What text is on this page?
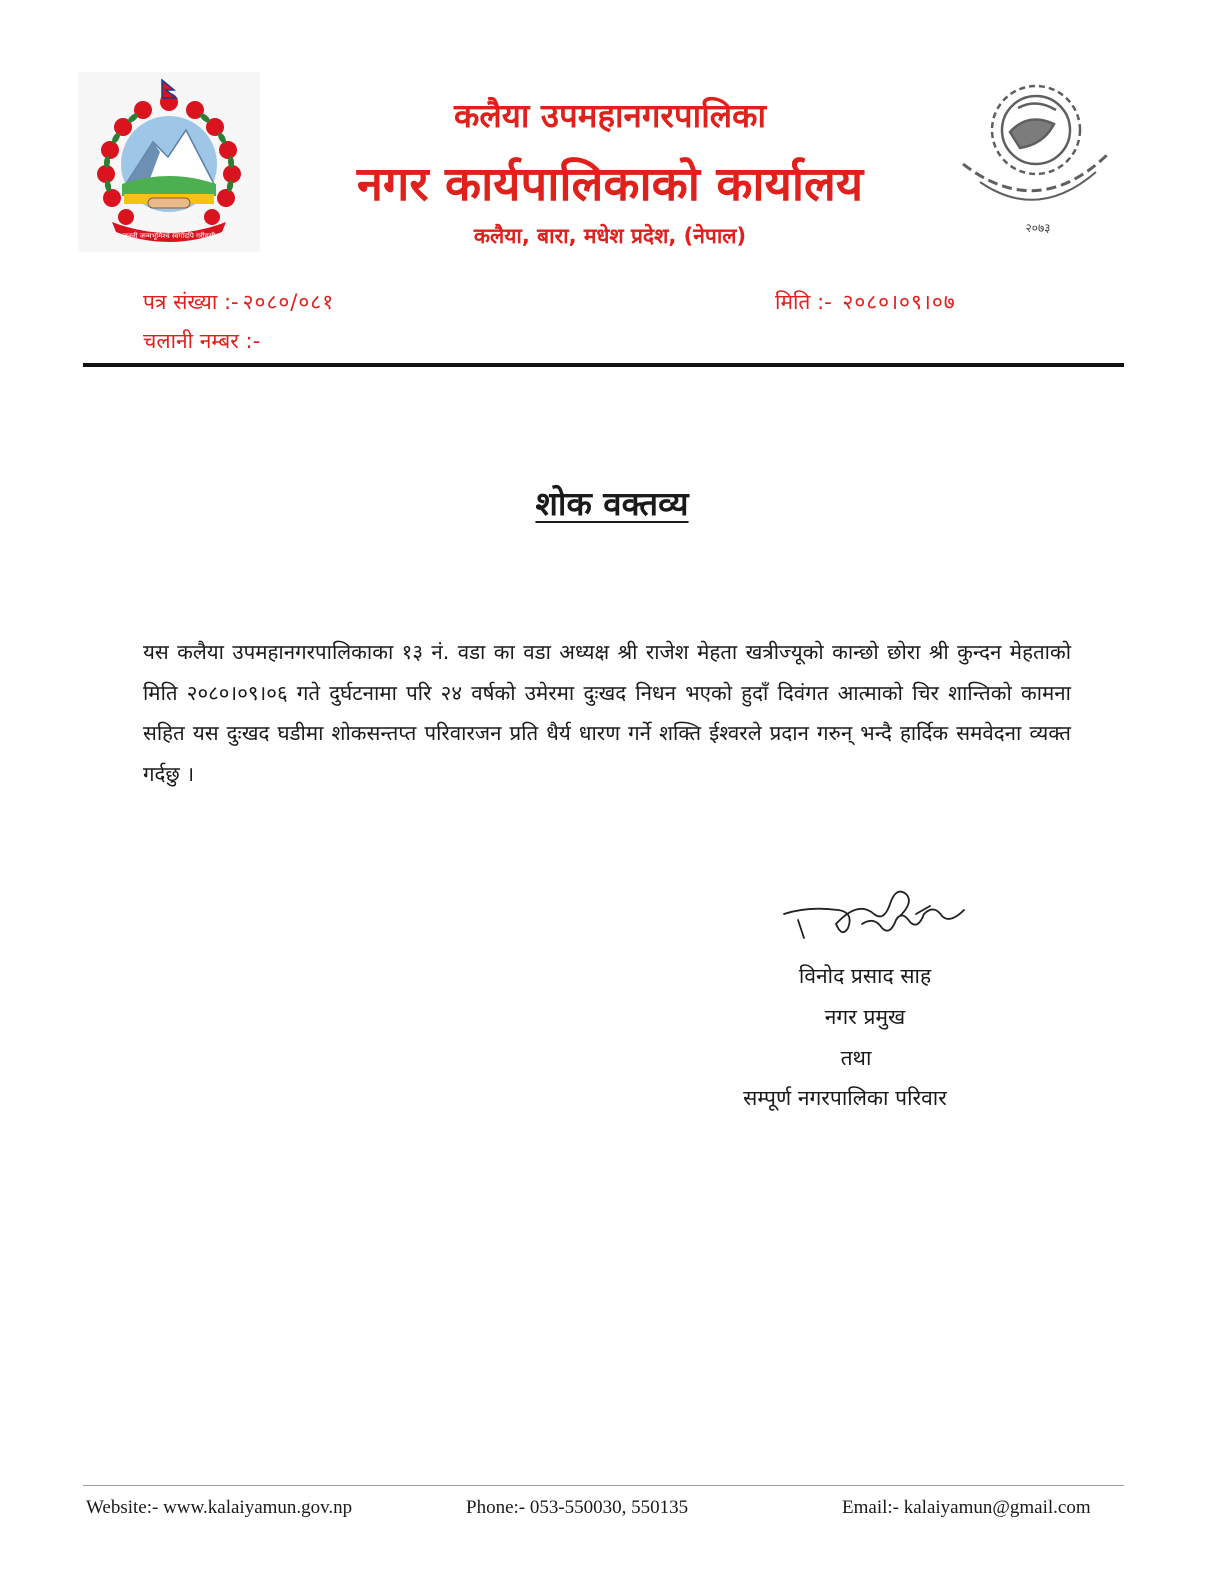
जननी जन्मभूमिश्च स्वर्गादपि गरीयसी
२०७३
कलैया उपमहानगरपालिका
नगर कार्यपालिकाको कार्यालय
कलैया, बारा, मधेश प्रदेश, (नेपाल)
पत्र संख्या :- २०८०/०८१
चलानी नम्बर :-
मिति :- २०८०।०९।०७
शोक वक्तव्य
यस कलैया उपमहानगरपालिकाका १३ नं. वडा का वडा अध्यक्ष श्री राजेश मेहता खत्रीज्यूको कान्छो छोरा श्री कुन्दन मेहताको मिति २०८०।०९।०६ गते दुर्घटनामा परि २४ वर्षको उमेरमा दुःखद निधन भएको हुदाँ दिवंगत आत्माको चिर शान्तिको कामना सहित यस दुःखद घडीमा शोकसन्तप्त परिवारजन प्रति धैर्य धारण गर्ने शक्ति ईश्वरले प्रदान गरुन् भन्दै हार्दिक समवेदना व्यक्त गर्दछु ।
विनोद प्रसाद साह
नगर प्रमुख
तथा
सम्पूर्ण नगरपालिका परिवार
Website:- www.kalaiyamun.gov.np	Phone:- 053-550030, 550135	Email:- kalaiyamun@gmail.com
